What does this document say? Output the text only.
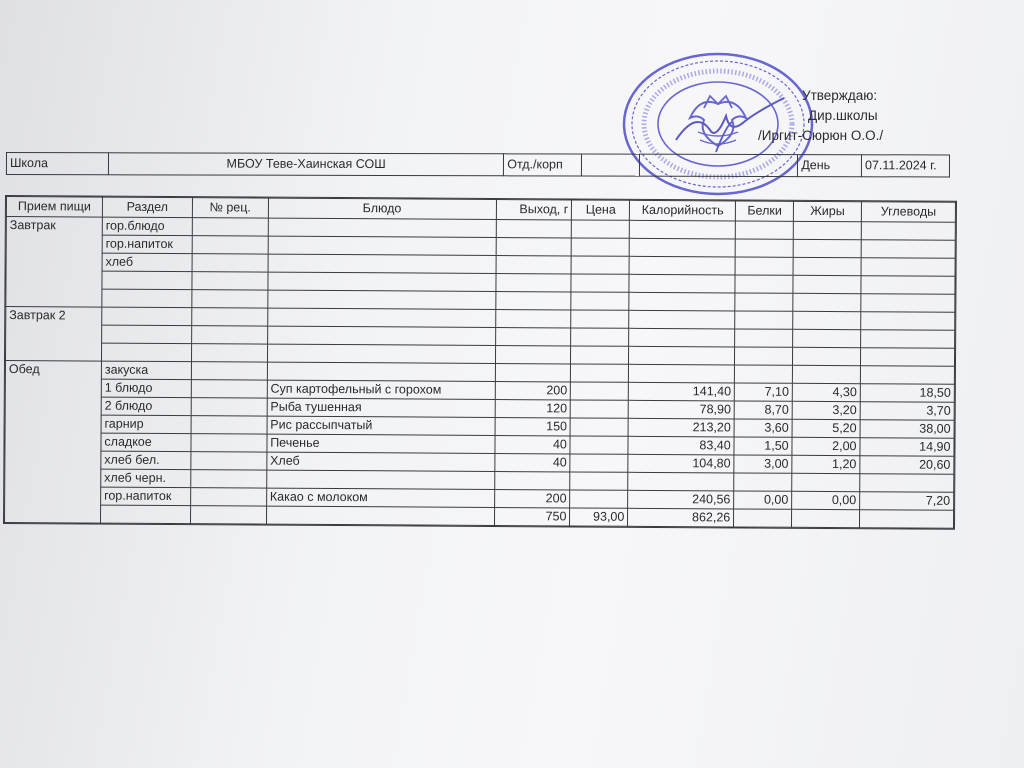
Утверждаю:
Дир.школы
/Иргит-Сюрюн О.О./
Школа	МБОУ Теве-Хаинская СОШ	Отд./корп			День	07.11.2024 г.
Прием пищи	Раздел	№ рец.	Блюдо	Выход, г	Цена	Калорийность	Белки	Жиры	Углеводы
Завтрак	гор.блюдо								
	гор.напиток								
	хлеб								

Завтрак 2									

Обед	закуска								
	1 блюдо		Суп картофельный с горохом	200		141,40	7,10	4,30	18,50
	2 блюдо		Рыба тушенная	120		78,90	8,70	3,20	3,70
	гарнир		Рис рассыпчатый	150		213,20	3,60	5,20	38,00
	сладкое		Печенье	40		83,40	1,50	2,00	14,90
	хлеб бел.		Хлеб	40		104,80	3,00	1,20	20,60
	хлеб черн.								
	гор.напиток		Какао с молоком	200		240,56	0,00	0,00	7,20
				750	93,00	862,26			
